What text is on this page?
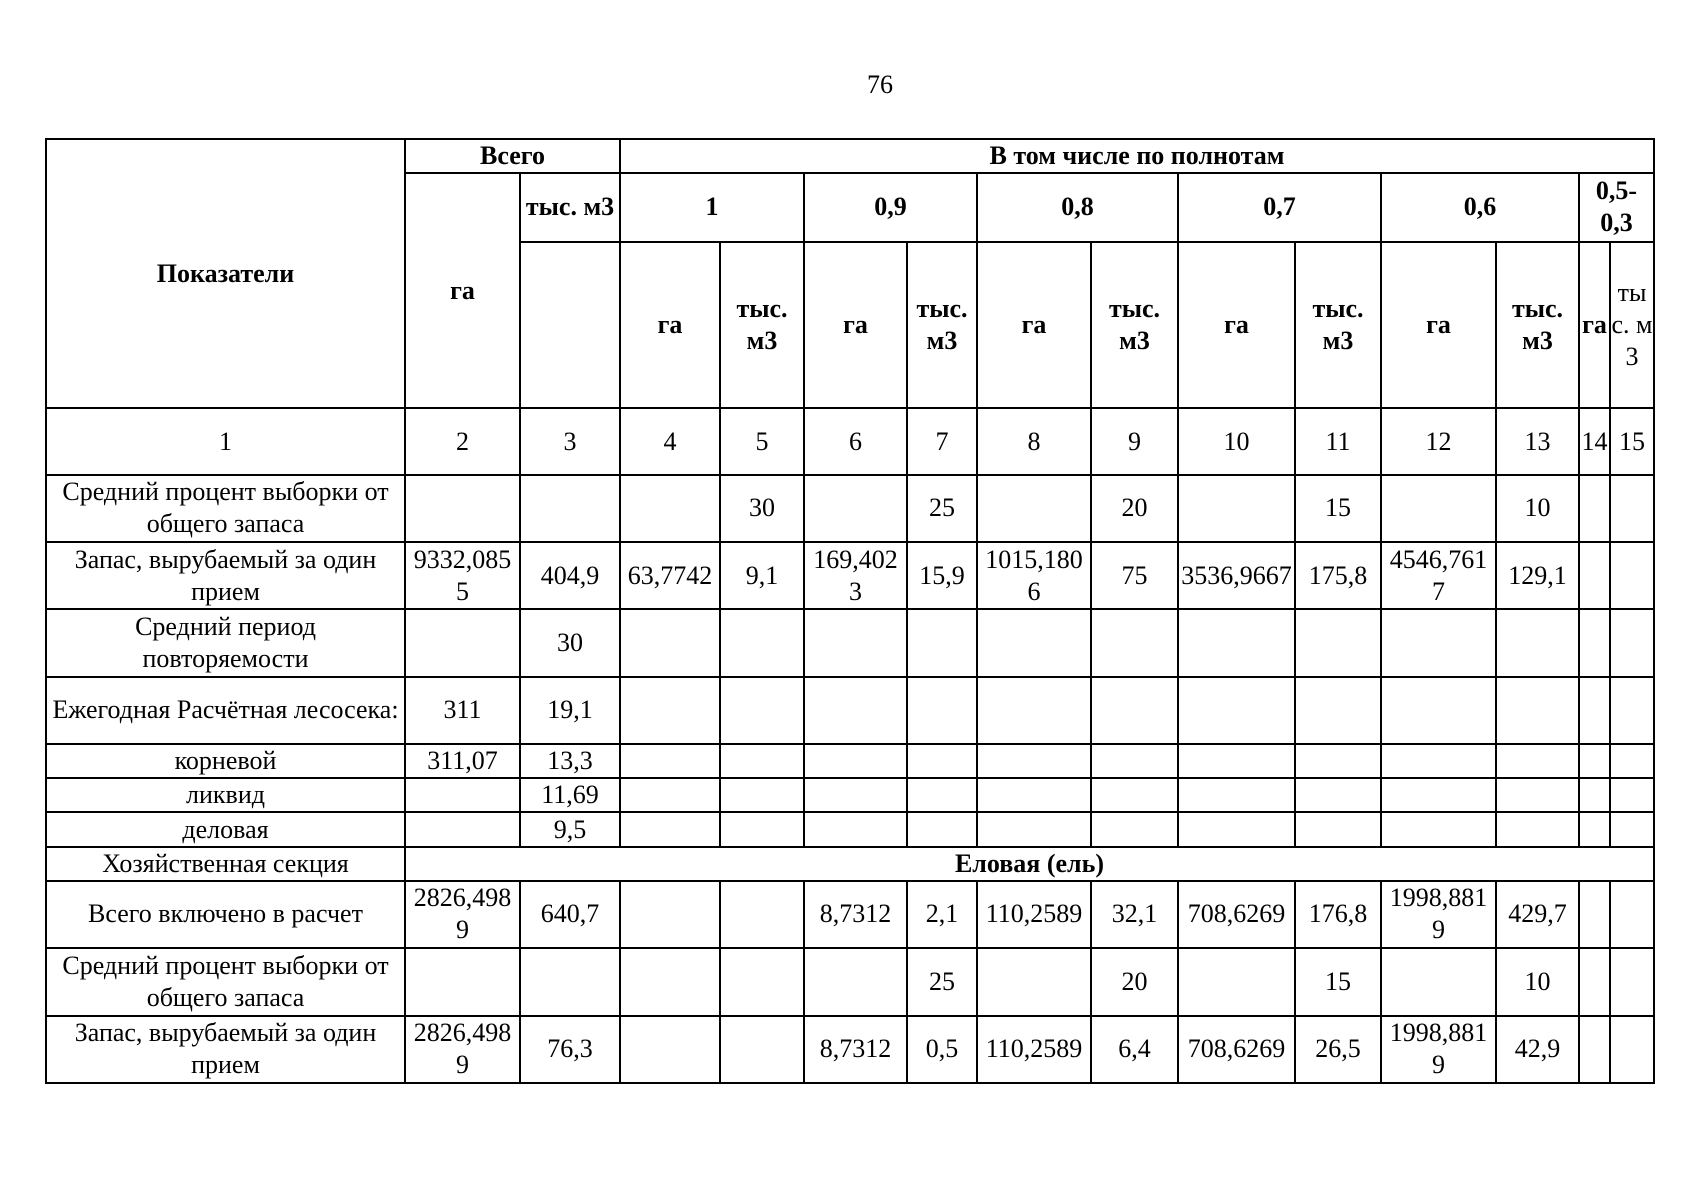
76
Показатели	Всего		В том числе по полнотам											
	га	тыс. м3	1		0,9		0,8		0,7		0,6		0,5-0,3	
			га	тыс. м3	га	тыс. м3	га	тыс. м3	га	тыс. м3	га	тыс. м3	га	тыс. м3
1	2	3	4	5	6	7	8	9	10	11	12	13	14	15
Средний процент выборки от общего запаса				30		25		20		15		10		
Запас, вырубаемый за один прием	9332,0855	404,9	63,7742	9,1	169,4023	15,9	1015,1806	75	3536,9667	175,8	4546,7617	129,1		
Средний период повторяемости		30												
Ежегодная Расчётная лесосека:	311	19,1												
корневой	311,07	13,3												
ликвид		11,69												
деловая		9,5												
Хозяйственная секция	Еловая (ель)													
Всего включено в расчет	2826,4989	640,7			8,7312	2,1	110,2589	32,1	708,6269	176,8	1998,8819	429,7		
Средний процент выборки от общего запаса						25		20		15		10		
Запас, вырубаемый за один прием	2826,4989	76,3			8,7312	0,5	110,2589	6,4	708,6269	26,5	1998,8819	42,9		
